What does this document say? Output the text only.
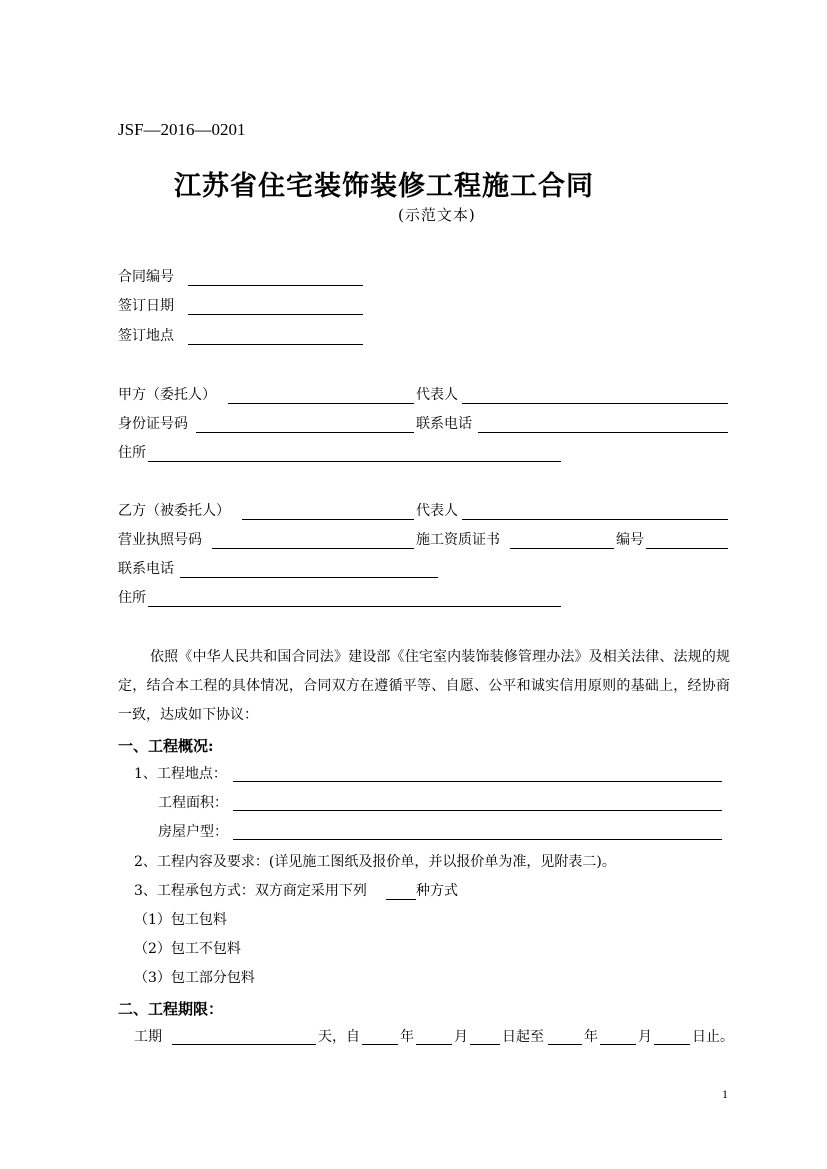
JSF—2016—0201
江苏省住宅装饰装修工程施工合同
(示范文本)
合同编号
签订日期
签订地点
甲方（委托人）	代表人
身份证号码	联系电话
住所
乙方（被委托人）	代表人
营业执照号码	施工资质证书	编号
联系电话
住所
依照《中华人民共和国合同法》建设部《住宅室内装饰装修管理办法》及相关法律、法规的规定，结合本工程的具体情况，合同双方在遵循平等、自愿、公平和诚实信用原则的基础上，经协商一致，达成如下协议：
一、工程概况:
1、工程地点：
工程面积：
房屋户型：
2、工程内容及要求：(详见施工图纸及报价单，并以报价单为准，见附表二)。
3、工程承包方式：双方商定采用下列	种方式
（1）包工包料
（2）包工不包料
（3）包工部分包料
二、工程期限：
工期	天，自	年	月 日起至	年	月	日止。
1
